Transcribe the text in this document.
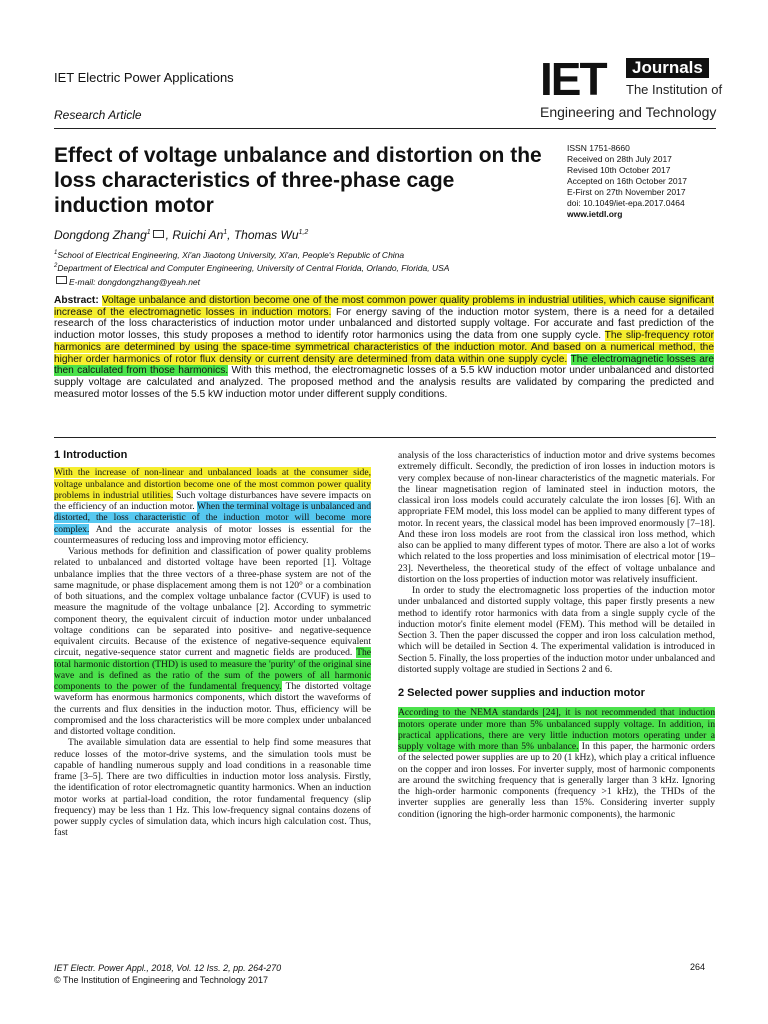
IET Electric Power Applications
Research Article
IET	Journals
The Institution of
Engineering and Technology
Effect of voltage unbalance and distortion on the loss characteristics of three-phase cage induction motor
ISSN 1751-8660
Received on 28th July 2017
Revised 10th October 2017
Accepted on 16th October 2017
E-First on 27th November 2017
doi: 10.1049/iet-epa.2017.0464
www.ietdl.org
Dongdong Zhang$^1$ , Ruichi An$^1$, Thomas Wu$^{1,2}$
$^1$School of Electrical Engineering, Xi'an Jiaotong University, Xi'an, People's Republic of China
$^2$Department of Electrical and Computer Engineering, University of Central Florida, Orlando, Florida, USA
E-mail: dongdongzhang@yeah.net
Abstract: Voltage unbalance and distortion become one of the most common power quality problems in industrial utilities, which cause significant increase of the electromagnetic losses in induction motors. For energy saving of the induction motor system, there is a need for a detailed research of the loss characteristics of induction motor under unbalanced and distorted supply voltage. For accurate and fast prediction of the induction motor losses, this study proposes a method to identify rotor harmonics using the data from one supply cycle. The slip-frequency rotor harmonics are determined by using the space-time symmetrical characteristics of the induction motor. And based on a numerical method, the higher order harmonics of rotor flux density or current density are determined from data within one supply cycle. The electromagnetic losses are then calculated from those harmonics. With this method, the electromagnetic losses of a 5.5 kW induction motor under unbalanced and distorted supply voltage are calculated and analyzed. The proposed method and the analysis results are validated by comparing the predicted and measured motor losses of the 5.5 kW induction motor under different supply conditions.
1 Introduction

With the increase of non-linear and unbalanced loads at the consumer side, voltage unbalance and distortion become one of the most common power quality problems in industrial utilities. Such voltage disturbances have severe impacts on the efficiency of an induction motor. When the terminal voltage is unbalanced and distorted, the loss characteristic of the induction motor will become more complex. And the accurate analysis of motor losses is essential for the countermeasures of reducing loss and improving motor efficiency.

Various methods for definition and classification of power quality problems related to unbalanced and distorted voltage have been reported [1]. Voltage unbalance implies that the three vectors of a three-phase system are not of the same magnitude, or phase displacement among them is not 120° or a combination of both situations, and the complex voltage unbalance factor (CVUF) is used to measure the magnitude of the voltage unbalance [2]. According to symmetric component theory, the equivalent circuit of induction motor under unbalanced voltage conditions can be separated into positive- and negative-sequence equivalent circuits. Because of the existence of negative-sequence equivalent circuit, negative-sequence stator current and magnetic fields are produced. The total harmonic distortion (THD) is used to measure the 'purity' of the original sine wave and is defined as the ratio of the sum of the powers of all harmonic components to the power of the fundamental frequency. The distorted voltage waveform has enormous harmonics components, which distort the waveforms of the currents and flux densities in the induction motor. Thus, efficiency will be compromised and the loss characteristics will be more complex under unbalanced and distorted voltage condition.

The available simulation data are essential to help find some measures that reduce losses of the motor-drive systems, and the simulation tools must be capable of handling numerous supply and load conditions in a reasonable time frame [3–5]. There are two difficulties in induction motor loss analysis. Firstly, the identification of rotor electromagnetic quantity harmonics. When an induction motor works at partial-load condition, the rotor fundamental frequency (slip frequency) may be less than 1 Hz. This low-frequency signal contains dozens of power supply cycles of simulation data, which incurs high calculation cost. Thus, fast

analysis of the loss characteristics of induction motor and drive systems becomes extremely difficult. Secondly, the prediction of iron losses in induction motors is very complex because of non-linear characteristics of the magnetic materials. For the linear magnetisation region of laminated steel in induction motors, the classical iron loss models could accurately calculate the iron losses [6]. With an appropriate FEM model, this loss model can be applied to many different types of motor. In recent years, the classical model has been improved enormously [7–18]. And these iron loss models are root from the classical iron loss method, which also can be applied to many different types of motor. There are also a lot of works which related to the loss properties and loss minimisation of electrical motor [19–23]. Nevertheless, the theoretical study of the effect of voltage unbalance and distortion on the loss properties of induction motor was relatively insufficient.

In order to study the electromagnetic loss properties of the induction motor under unbalanced and distorted supply voltage, this paper firstly presents a new method to identify rotor harmonics with data from a single supply cycle of the induction motor's finite element model (FEM). This method will be detailed in Section 3. Then the paper discussed the copper and iron loss calculation method, which will be detailed in Section 4. The experimental validation is introduced in Section 5. Finally, the loss properties of the induction motor under unbalanced and distorted supply voltage are studied in Sections 2 and 6.

2 Selected power supplies and induction motor

According to the NEMA standards [24], it is not recommended that induction motors operate under more than 5% unbalanced supply voltage. In addition, in practical applications, there are very little induction motors operating under a supply voltage with more than 5% unbalance. In this paper, the harmonic orders of the selected power supplies are up to 20 (1 kHz), which play a critical influence on the copper and iron losses. For inverter supply, most of harmonic components are around the switching frequency that is generally larger than 3 kHz. Ignoring the high-order harmonic components (frequency >1 kHz), the THDs of the inverter supplies are generally less than 15%. Considering inverter supply condition (ignoring the high-order harmonic components), the harmonic

IET Electr. Power Appl., 2018, Vol. 12 Iss. 2, pp. 264-270
© The Institution of Engineering and Technology 2017
264
